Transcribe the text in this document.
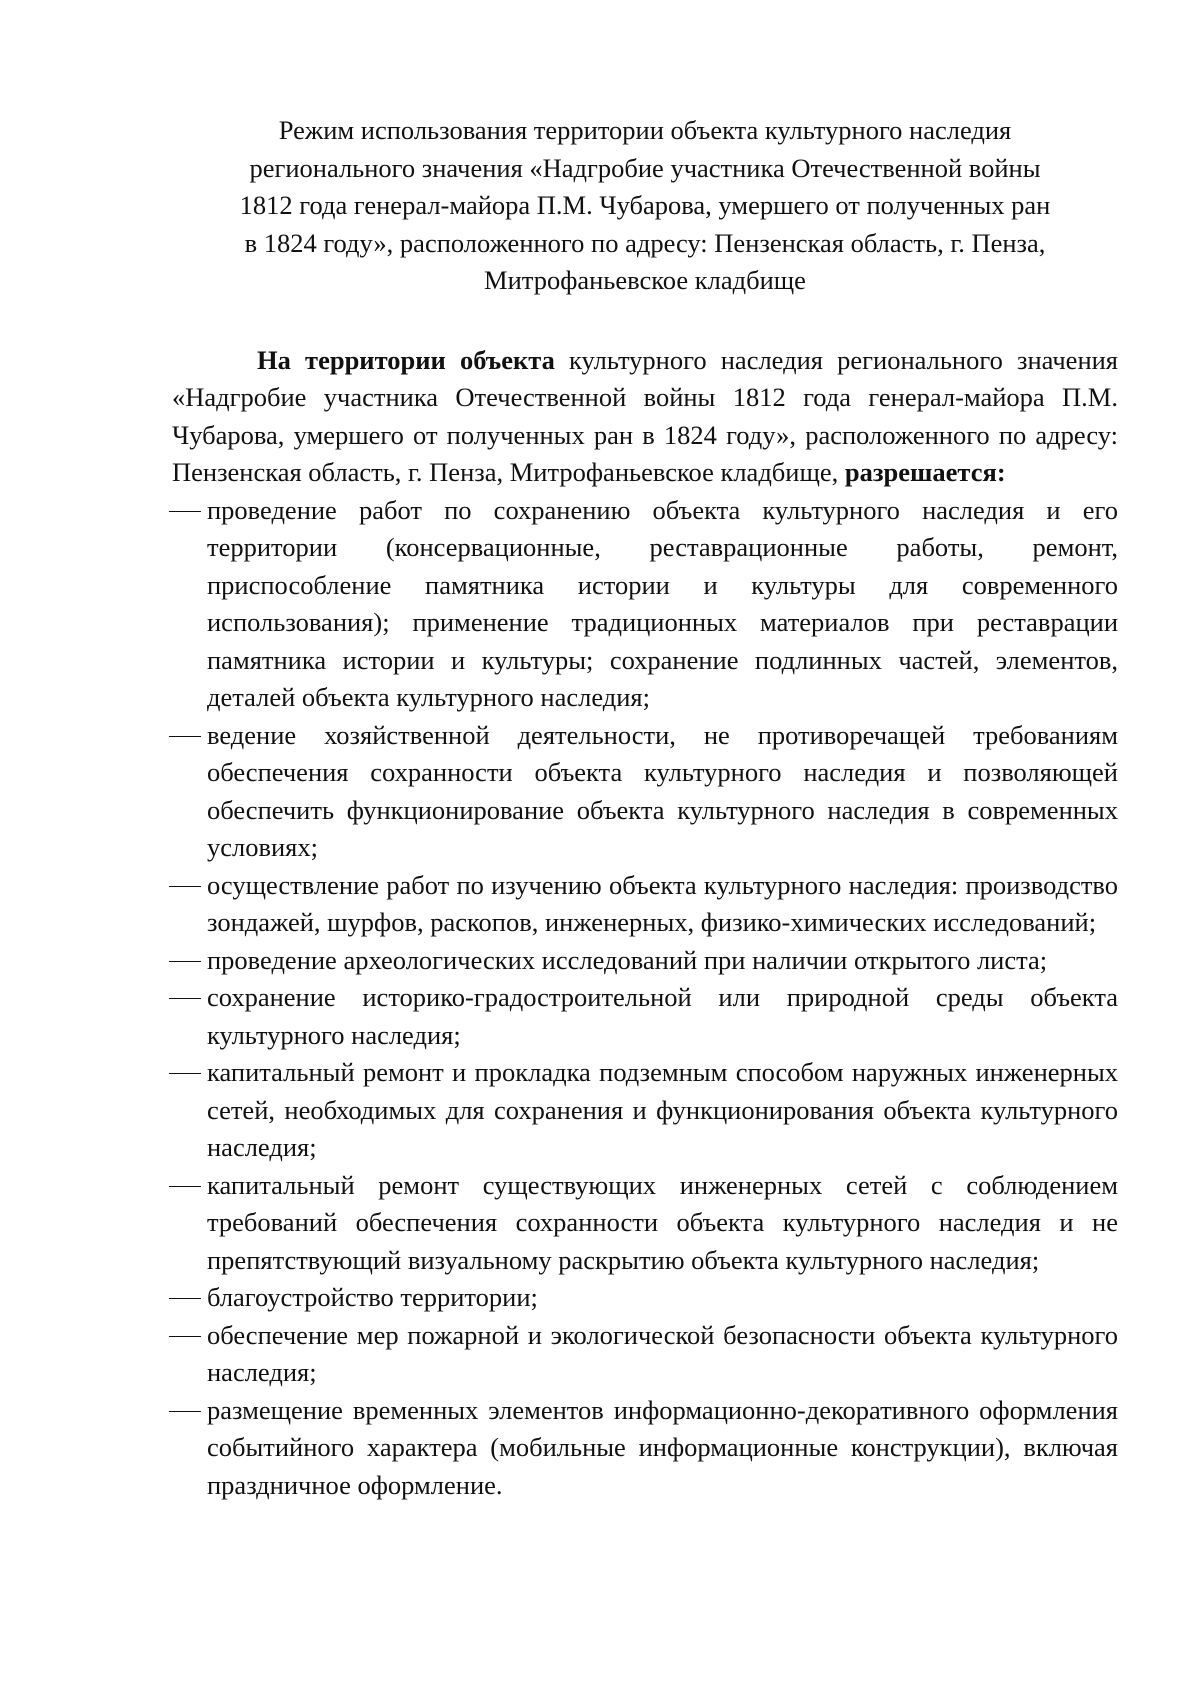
Режим использования территории объекта культурного наследия
регионального значения «Надгробие участника Отечественной войны
1812 года генерал-майора П.М. Чубарова, умершего от полученных ран
в 1824 году», расположенного по адресу: Пензенская область, г. Пенза,
Митрофаньевское кладбище

На территории объекта культурного наследия регионального значения «Надгробие участника Отечественной войны 1812 года генерал-майора П.М. Чубарова, умершего от полученных ран в 1824 году», расположенного по адресу: Пензенская область, г. Пенза, Митрофаньевское кладбище, разрешается:

проведение работ по сохранению объекта культурного наследия и его территории (консервационные, реставрационные работы, ремонт, приспособление памятника истории и культуры для современного использования); применение традиционных материалов при реставрации памятника истории и культуры; сохранение подлинных частей, элементов, деталей объекта культурного наследия;
ведение хозяйственной деятельности, не противоречащей требованиям обеспечения сохранности объекта культурного наследия и позволяющей обеспечить функционирование объекта культурного наследия в современных условиях;
осуществление работ по изучению объекта культурного наследия: производство зондажей, шурфов, раскопов, инженерных, физико-химических исследований;
проведение археологических исследований при наличии открытого листа;
сохранение историко-градостроительной или природной среды объекта культурного наследия;
капитальный ремонт и прокладка подземным способом наружных инженерных сетей, необходимых для сохранения и функционирования объекта культурного наследия;
капитальный ремонт существующих инженерных сетей с соблюдением требований обеспечения сохранности объекта культурного наследия и не препятствующий визуальному раскрытию объекта культурного наследия;
благоустройство территории;
обеспечение мер пожарной и экологической безопасности объекта культурного наследия;
размещение временных элементов информационно-декоративного оформления событийного характера (мобильные информационные конструкции), включая праздничное оформление.
